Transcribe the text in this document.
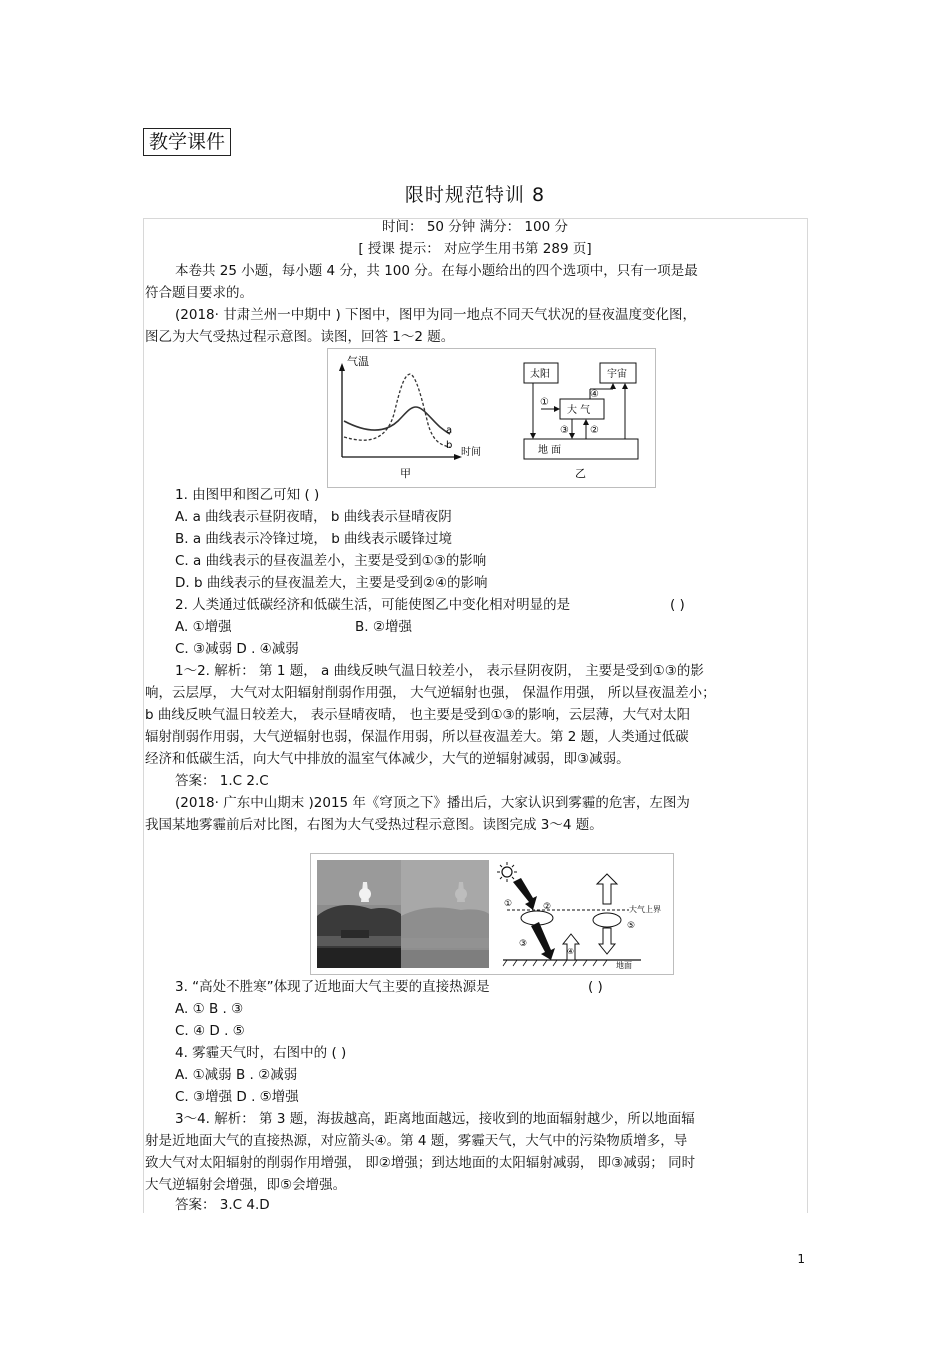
教学课件
限时规范特训 8
时间： 50 分钟 满分： 100 分
[ 授课 提示： 对应学生用书第 289 页]
本卷共 25 小题，每小题 4 分，共 100 分。在每小题给出的四个选项中，只有一项是最
符合题目要求的。
(2018· 甘肃兰州一中期中 ) 下图中，图甲为同一地点不同天气状况的昼夜温度变化图，
图乙为大气受热过程示意图。读图，回答 1～2 题。
气温
时间
a
b
甲
太阳	宇宙
大 气
地 面
①
④
③ ②
乙
1. 由图甲和图乙可知 ( )
A. a 曲线表示昼阴夜晴， b 曲线表示昼晴夜阴
B. a 曲线表示冷锋过境， b 曲线表示暖锋过境
C. a 曲线表示的昼夜温差小，主要是受到①③的影响
D. b 曲线表示的昼夜温差大，主要是受到②④的影响
2. 人类通过低碳经济和低碳生活，可能使图乙中变化相对明显的是	( )
A. ①增强	B. ②增强
C. ③减弱 D . ④减弱
1～2. 解析： 第 1 题， a 曲线反映气温日较差小， 表示昼阴夜阴， 主要是受到①③的影
响，云层厚， 大气对太阳辐射削弱作用强， 大气逆辐射也强， 保温作用强， 所以昼夜温差小；
b 曲线反映气温日较差大， 表示昼晴夜晴， 也主要是受到①③的影响，云层薄，大气对太阳
辐射削弱作用弱，大气逆辐射也弱，保温作用弱，所以昼夜温差大。第 2 题，人类通过低碳
经济和低碳生活，向大气中排放的温室气体减少，大气的逆辐射减弱，即③减弱。
答案： 1.C 2.C
(2018· 广东中山期末 )2015 年《穹顶之下》播出后，大家认识到雾霾的危害，左图为
我国某地雾霾前后对比图，右图为大气受热过程示意图。读图完成 3～4 题。
大气上界
地面
①	②
③
④
⑤
3. “高处不胜寒”体现了近地面大气主要的直接热源是	( )
A. ① B . ③
C. ④ D . ⑤
4. 雾霾天气时，右图中的 ( )
A. ①减弱 B . ②减弱
C. ③增强 D . ⑤增强
3～4. 解析： 第 3 题，海拔越高，距离地面越远，接收到的地面辐射越少，所以地面辐
射是近地面大气的直接热源，对应箭头④。第 4 题，雾霾天气，大气中的污染物质增多，导
致大气对太阳辐射的削弱作用增强， 即②增强；到达地面的太阳辐射减弱， 即③减弱； 同时
大气逆辐射会增强，即⑤会增强。
答案： 3.C 4.D
1
